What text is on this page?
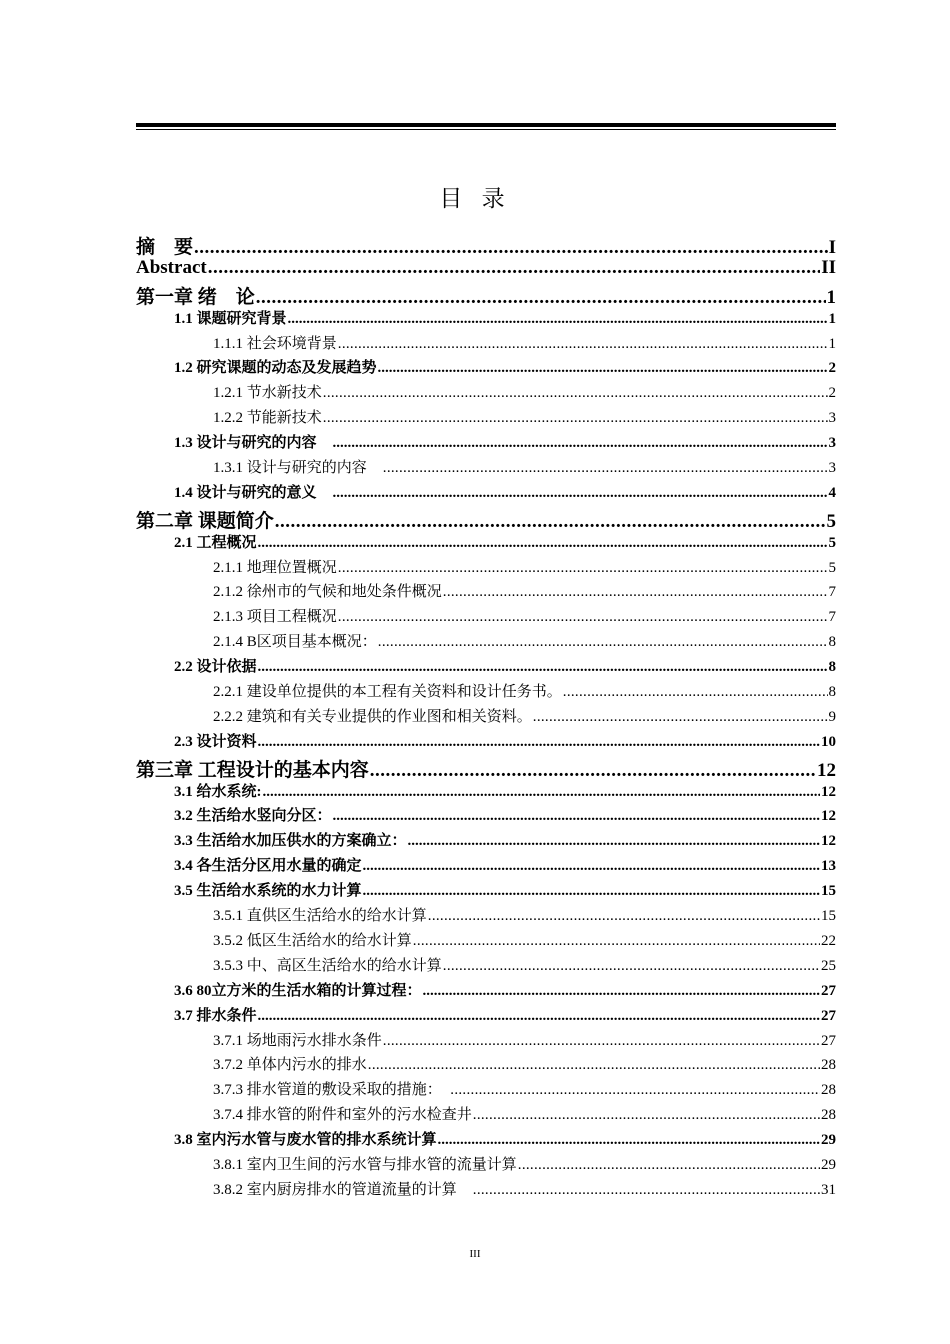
目 录
摘　要 .....	I
Abstract .....	II
第一章 绪　论 .....	1
1.1 课题研究背景 .....	1
1.1.1 社会环境背景 .....	1
1.2 研究课题的动态及发展趋势 .....	2
1.2.1 节水新技术 .....	2
1.2.2 节能新技术 .....	3
1.3 设计与研究的内容　 .....	3
1.3.1 设计与研究的内容　 .....	3
1.4 设计与研究的意义　 .....	4
第二章 课题简介 .....	5
2.1 工程概况 .....	5
2.1.1 地理位置概况 .....	5
2.1.2 徐州市的气候和地处条件概况 .....	7
2.1.3 项目工程概况 .....	7
2.1.4 B区项目基本概况： .....	8
2.2 设计依据 .....	8
2.2.1 建设单位提供的本工程有关资料和设计任务书。 .....	8
2.2.2 建筑和有关专业提供的作业图和相关资料。 .....	9
2.3 设计资料 .....	10
第三章 工程设计的基本内容 .....	12
3.1 给水系统: .....	12
3.2 生活给水竖向分区： .....	12
3.3 生活给水加压供水的方案确立： .....	12
3.4 各生活分区用水量的确定 .....	13
3.5 生活给水系统的水力计算 .....	15
3.5.1 直供区生活给水的给水计算 .....	15
3.5.2 低区生活给水的给水计算 .....	22
3.5.3 中、高区生活给水的给水计算 .....	25
3.6 80立方米的生活水箱的计算过程： .....	27
3.7 排水条件 .....	27
3.7.1 场地雨污水排水条件 .....	27
3.7.2 单体内污水的排水 .....	28
3.7.3 排水管道的敷设采取的措施：　 .....	28
3.7.4 排水管的附件和室外的污水检查井 .....	28
3.8 室内污水管与废水管的排水系统计算 .....	29
3.8.1 室内卫生间的污水管与排水管的流量计算 .....	29
3.8.2 室内厨房排水的管道流量的计算　 .....	31
III
